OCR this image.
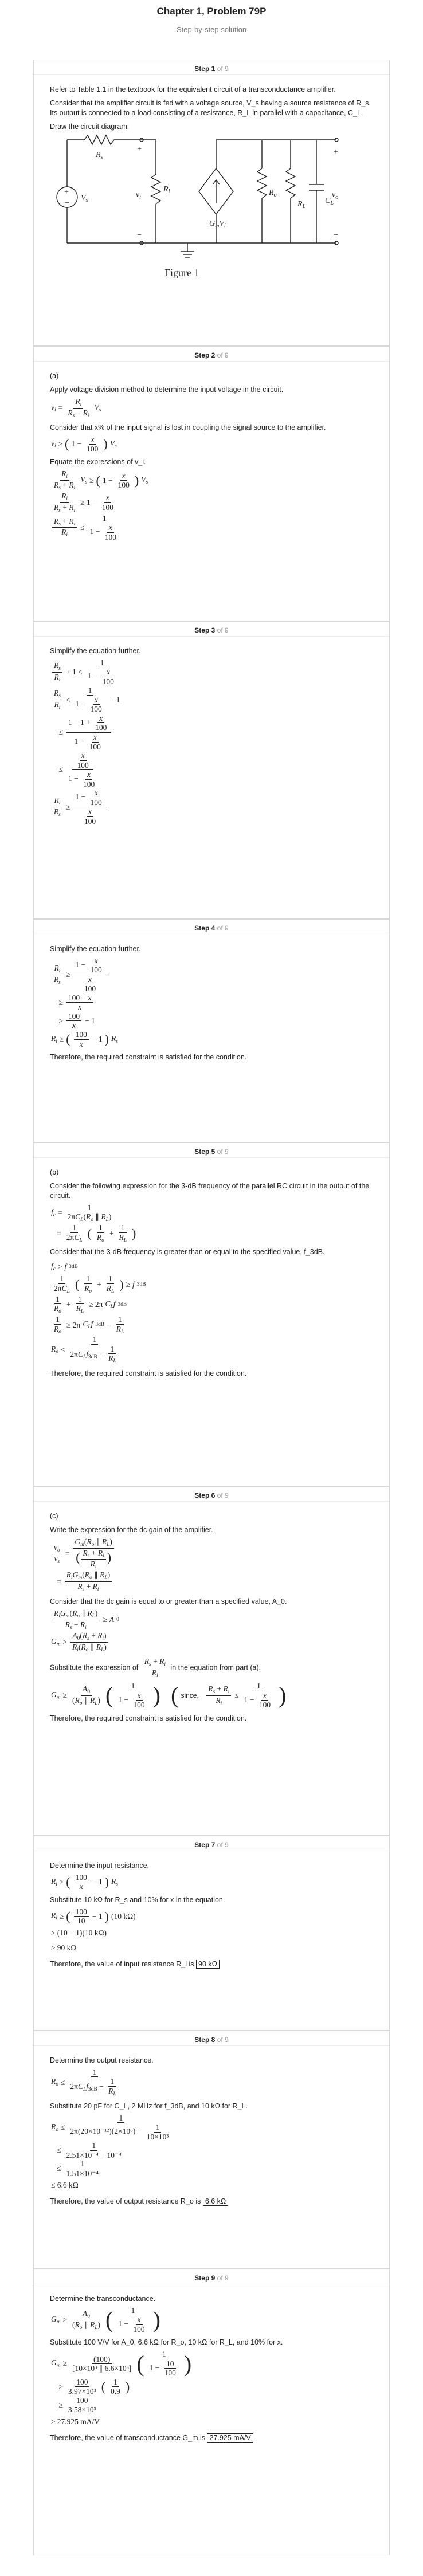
Chapter 1, Problem 79P
Step-by-step solution
Step 1 of 9

Refer to Table 1.1 in the textbook for the equivalent circuit of a transconductance amplifier.

Consider that the amplifier circuit is fed with a voltage source, V_s having a source resistance of R_s. Its output is connected to a load consisting of a resistance, R_L in parallel with a capacitance, C_L.

Draw the circuit diagram:

+
−
$V_s$
$R_s$
+
$v_i$
−
$R_i$
$G_mV_i$
$R_o$
$R_L$
$C_L$
+
$v_o$
−
Figure 1
Step 2 of 9

(a)

Apply voltage division method to determine the input voltage in the circuit.

$v_i = \frac{R_i}{R_s + R_i} V_s$

Consider that x% of the input signal is lost in coupling the signal source to the amplifier.

$v_i$ ≥ ( $1 - \frac{x}{100}$ ) $V_s$

Equate the expressions of v_i.

$\frac{R_i}{R_s + R_i} V_s$ ≥ ( $1 - \frac{x}{100}$ ) $V_s$
$\frac{R_i}{R_s + R_i} \ge 1 - \frac{x}{100}$
$\frac{R_s + R_i}{R_i} \le \frac{1}{1 - \frac{x}{100}}$
Step 3 of 9

Simplify the equation further.

$\frac{R_s}{R_i} + 1 \le \frac{1}{1 - \frac{x}{100}}$
$\frac{R_s}{R_i} \le \frac{1}{1 - \frac{x}{100}} - 1$
≤ $\frac{1 - 1 + \frac{x}{100}}{1 - \frac{x}{100}}$
≤ $\frac{\frac{x}{100}}{1 - \frac{x}{100}}$
$\frac{R_i}{R_s} \ge \frac{1 - \frac{x}{100}}{\frac{x}{100}}$
Step 4 of 9

Simplify the equation further.

$\frac{R_i}{R_s} \ge \frac{1 - \frac{x}{100}}{\frac{x}{100}}$
≥ $\frac{100 - x}{x}$
≥ $\frac{100}{x} - 1$
$R_i$ ≥ ( $\frac{100}{x} - 1$ ) $R_s$

Therefore, the required constraint is satisfied for the condition.

Step 5 of 9

(b)

Consider the following expression for the 3-dB frequency of the parallel RC circuit in the output of the circuit.

$f_c = \frac{1}{2\pi C_L(R_o \parallel R_L)}$
= $\frac{1}{2\pi C_L}$ ( $\frac{1}{R_o} + \frac{1}{R_L}$ )

Consider that the 3-dB frequency is greater than or equal to the specified value, f_3dB.

$f_c \ge f$ 3dB
$\frac{1}{2\pi C_L}$ ( $\frac{1}{R_o} + \frac{1}{R_L}$ ) ≥ f 3dB
$\frac{1}{R_o} + \frac{1}{R_L} \ge 2\pi$ $C_Lf$ 3dB
$\frac{1}{R_o} \ge 2\pi$ $C_Lf$ $3dB - \frac{1}{R_L}$
$R_o \le \frac{1}{2\pi C_Lf_{3dB} - \frac{1}{R_L}}$

Therefore, the required constraint is satisfied for the condition.

Step 6 of 9

(c)

Write the expression for the dc gain of the amplifier.

$\frac{v_o}{v_s} = \frac{G_m(R_o \parallel R_L)}{( \frac{R_s + R_i}{R_i} )}$
= $\frac{R_iG_m(R_o \parallel R_L)}{R_s + R_i}$

Consider that the dc gain is equal to or greater than a specified value, A_0.

$\frac{R_iG_m(R_o \parallel R_L)}{R_s + R_i} \ge A$ 0
$G_m \ge \frac{A_0(R_s + R_i)}{R_i(R_o \parallel R_L)}$

Substitute the expression of $\frac{R_s + R_i}{R_i}$ in the equation from part (a).

$G_m \ge \frac{A_0}{(R_o \parallel R_L)}$ ( $\frac{1}{1 - \frac{x}{100}}$ )
( since,
$\frac{R_s + R_i}{R_i} \le \frac{1}{1 - \frac{x}{100}}$ )

Therefore, the required constraint is satisfied for the condition.

Step 7 of 9

Determine the input resistance.

$R_i$ ≥ ( $\frac{100}{x} - 1$ ) $R_s$

Substitute 10 kΩ for R_s and 10% for x in the equation.

$R_i$ ≥ ( $\frac{100}{10} - 1$ ) (10 kΩ)
≥ (10 − 1)(10 kΩ)
≥ 90 kΩ

Therefore, the value of input resistance R_i is 90 kΩ

Step 8 of 9

Determine the output resistance.

$R_o \le \frac{1}{2\pi C_Lf_{3dB} - \frac{1}{R_L}}$

Substitute 20 pF for C_L, 2 MHz for f_3dB, and 10 kΩ for R_L.

$R_o \le \frac{1}{2\pi(20\times 10^{-12})(2\times 10^6) - \frac{1}{\text{10×10³}}}$
≤ $\frac{1}{\text{2.51×10⁻⁴ − 10⁻⁴}}$
≤ $\frac{1}{\text{1.51×10⁻⁴}}$
≤ 6.6 kΩ

Therefore, the value of output resistance R_o is 6.6 kΩ

Step 9 of 9

Determine the transconductance.

$G_m \ge \frac{A_0}{(R_o \parallel R_L)}$ ( $\frac{1}{1 - \frac{x}{100}}$ )

Substitute 100 V/V for A_0, 6.6 kΩ for R_o, 10 kΩ for R_L, and 10% for x.

$G_m \ge \frac{(100)}{\text{[10×10³ ∥ 6.6×10³]}}$ ( $\frac{1}{1 - \frac{10}{100}}$ )
≥ $\frac{100}{\text{3.97×10³}}$ ( $\frac{1}{0.9}$ )
≥ $\frac{100}{\text{3.58×10³}}$
≥ 27.925 mA/V

Therefore, the value of transconductance G_m is 27.925 mA/V
